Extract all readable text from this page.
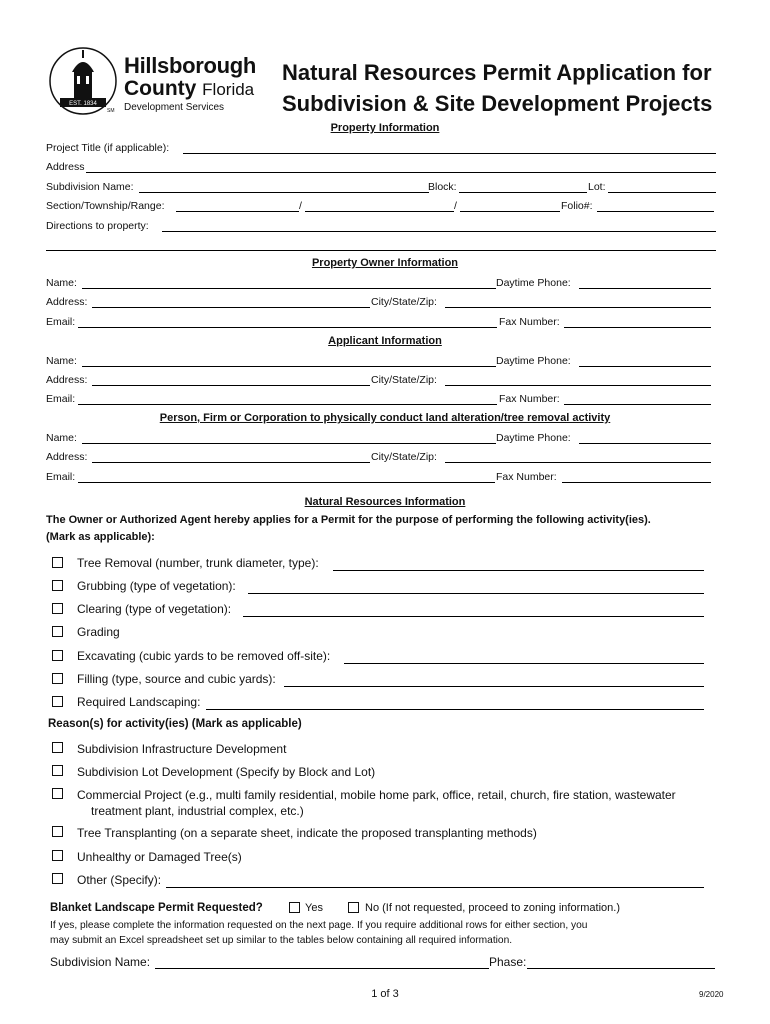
EST. 1834
SM
Hillsborough
County Florida
Development Services
Natural Resources Permit Application for
Subdivision & Site Development Projects
Property Information
Project Title (if applicable):
Address
Subdivision Name:	Block:	Lot:
Section/Township/Range:	/	/	Folio#:
Directions to property:
Property Owner Information
Name:	Daytime Phone:
Address:	City/State/Zip:
Email:	Fax Number:
Applicant Information
Name:	Daytime Phone:
Address:	City/State/Zip:
Email:	Fax Number:
Person, Firm or Corporation to physically conduct land alteration/tree removal activity
Name:	Daytime Phone:
Address:	City/State/Zip:
Email:	Fax Number:
Natural Resources Information
The Owner or Authorized Agent hereby applies for a Permit for the purpose of performing the following activity(ies).
(Mark as applicable):
Tree Removal (number, trunk diameter, type):
Grubbing (type of vegetation):
Clearing (type of vegetation):
Grading
Excavating (cubic yards to be removed off-site):
Filling (type, source and cubic yards):
Required Landscaping:
Reason(s) for activity(ies) (Mark as applicable)
Subdivision Infrastructure Development
Subdivision Lot Development (Specify by Block and Lot)
Commercial Project (e.g., multi family residential, mobile home park, office, retail, church, fire station, wastewater
treatment plant, industrial complex, etc.)
Tree Transplanting (on a separate sheet, indicate the proposed transplanting methods)
Unhealthy or Damaged Tree(s)
Other (Specify):
Blanket Landscape Permit Requested?	Yes	No (If not requested, proceed to zoning information.)
If yes, please complete the information requested on the next page. If you require additional rows for either section, you
may submit an Excel spreadsheet set up similar to the tables below containing all required information.
Subdivision Name:	Phase:
1 of 3	9/2020
